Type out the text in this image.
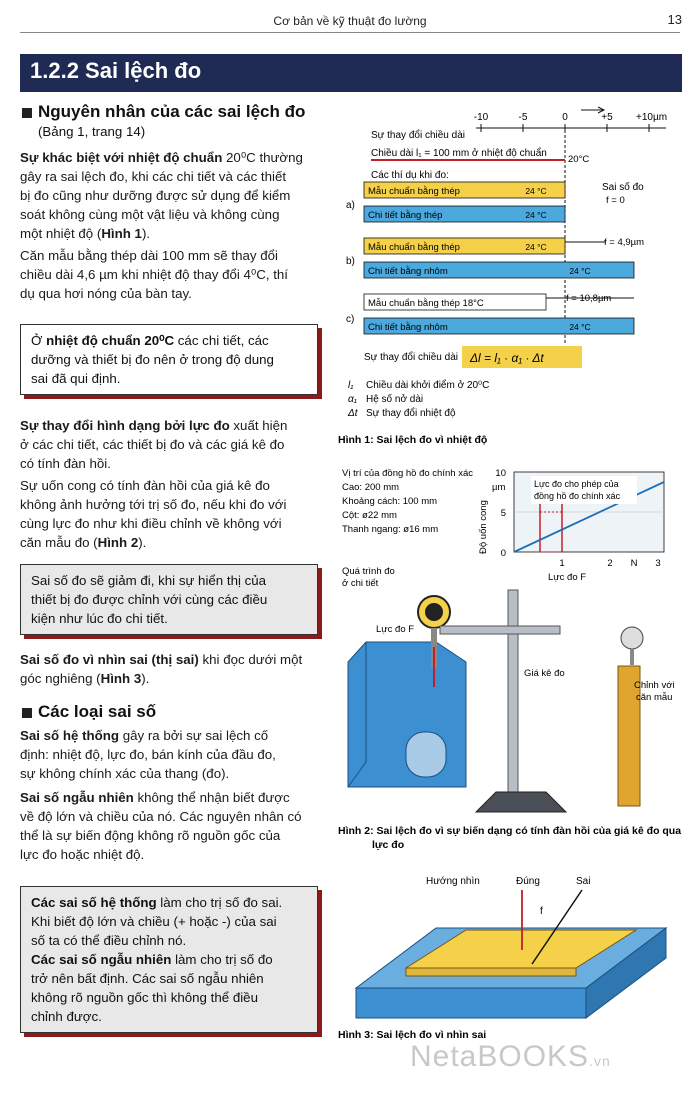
Cơ bản về kỹ thuật đo lường	13
1.2.2 Sai lệch đo
Nguyên nhân của các sai lệch đo
(Bảng 1, trang 14)
Sự khác biệt với nhiệt độ chuẩn 20⁰C thường
gây ra sai lệch đo, khi các chi tiết và các thiết
bị đo cũng như dưỡng được sử dụng để kiểm
soát không cùng một vật liệu và không cùng
một nhiệt độ (Hình 1).
Căn mẫu bằng thép dài 100 mm sẽ thay đổi
chiều dài 4,6 µm khi nhiệt độ thay đổi 4⁰C, thí
dụ qua hơi nóng của bàn tay.
Ở nhiệt độ chuẩn 20⁰C các chi tiết, các
dưỡng và thiết bị đo nên ở trong độ dung
sai đã qui định.
Sự thay đổi hình dạng bởi lực đo xuất hiện
ở các chi tiết, các thiết bị đo và các giá kê đo
có tính đàn hồi.
Sự uốn cong có tính đàn hồi của giá kê đo
không ảnh hưởng tới trị số đo, nếu khi đo với
cùng lực đo như khi điều chỉnh về không với
căn mẫu đo (Hình 2).
Sai số đo sẽ giảm đi, khi sự hiển thị của
thiết bị đo được chỉnh với cùng các điều
kiện như lúc đo chi tiết.
Sai số đo vì nhìn sai (thị sai) khi đọc dưới một
góc nghiêng (Hình 3).
Các loại sai số
Sai số hệ thống gây ra bởi sự sai lệch cố
định: nhiệt độ, lực đo, bán kính của đầu đo,
sự không chính xác của thang (đo).
Sai số ngẫu nhiên không thể nhận biết được
về độ lớn và chiều của nó. Các nguyên nhân có
thể là sự biến động không rõ nguồn gốc của
lực đo hoặc nhiệt độ.
Các sai số hệ thống làm cho trị số đo sai.
Khi biết độ lớn và chiều (+ hoặc -) của sai
số ta có thể điều chỉnh nó.
Các sai số ngẫu nhiên làm cho trị số đo
trở nên bất định. Các sai số ngẫu nhiên
không rõ nguồn gốc thì không thể điều
chỉnh được.
-10	-5	0	+5 +10µm
Sự thay đổi chiều dài
Chiều dài l₁ = 100 mm ở nhiệt độ chuẩn
20°C
Các thí dụ khi đo:
a)
Mẫu chuẩn bằng thép	24 °C
Chi tiết bằng thép	24 °C
Sai số đo
f = 0
b)
Mẫu chuẩn bằng thép	24 °C
Chi tiết bằng nhôm	24 °C
f = 4,9µm
c)
Mẫu chuẩn bằng thép 18°C
Chi tiết bằng nhôm	24 °C
f = 10,8µm
Sự thay đổi chiều dài Δl = l₁ · α₁ · Δt
l₁ Chiều dài khởi điểm ở 20⁰C
α₁ Hệ số nở dài
Δt Sự thay đổi nhiệt độ
Hình 1: Sai lệch đo vì nhiệt độ
Vị trí của đồng hồ đo chính xác
Cao: 200 mm
Khoảng cách: 100 mm
Cột: ø22 mm
Thanh ngang: ø16 mm
10
5
0
µm
Độ uốn cong
1	2 N 3
Lực đo F
Lực đo cho phép của
đồng hồ đo chính xác
Quá trình đo
ở chi tiết
Lực đo F
Giá kê đo
Chỉnh với
căn mẫu
Hình 2: Sai lệch đo vì sự biến dạng có tính đàn hồi của giá kê đo qua
lực đo
Hướng nhìn	Đúng	Sai
f
Hình 3: Sai lệch đo vì nhìn sai
NetaBOOKS.vn
